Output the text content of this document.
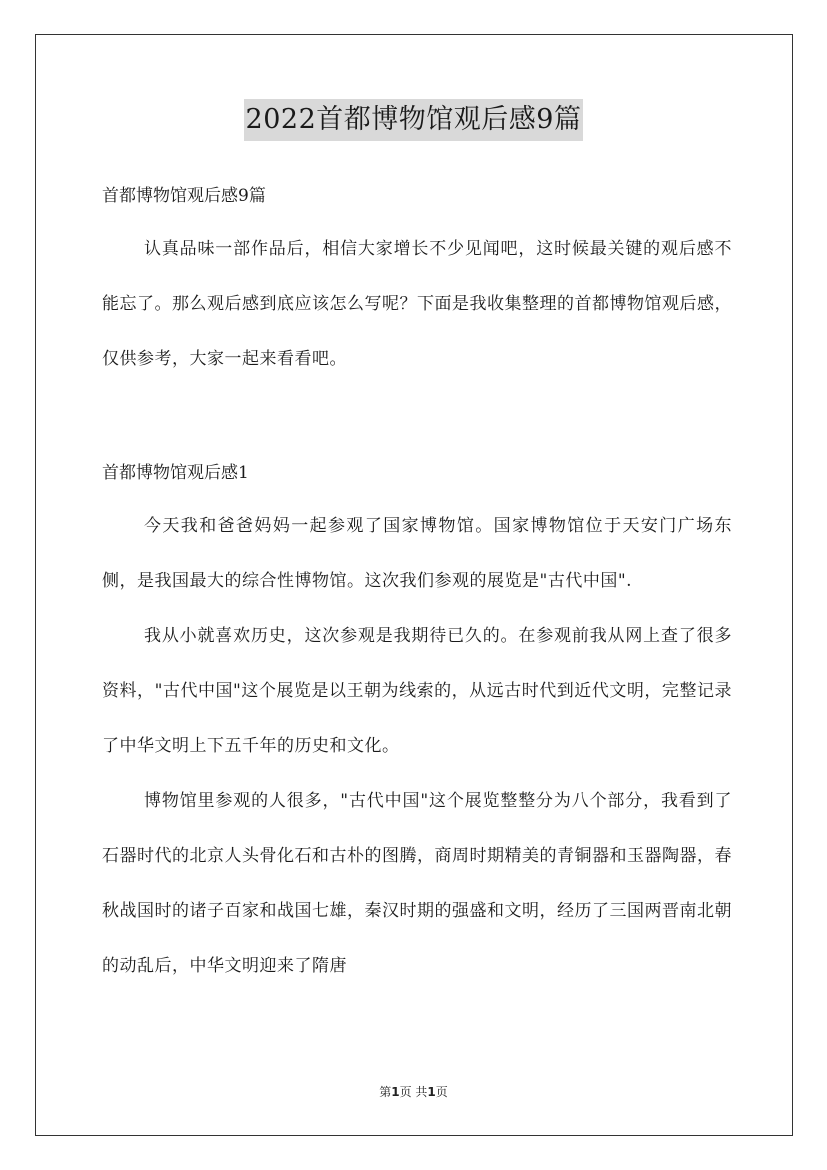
2022首都博物馆观后感9篇

首都博物馆观后感9篇

认真品味一部作品后，相信大家增长不少见闻吧，这时候最关键的观后感不能忘了。那么观后感到底应该怎么写呢？下面是我收集整理的首都博物馆观后感，仅供参考，大家一起来看看吧。

首都博物馆观后感1

今天我和爸爸妈妈一起参观了国家博物馆。国家博物馆位于天安门广场东侧，是我国最大的综合性博物馆。这次我们参观的展览是"古代中国".

我从小就喜欢历史，这次参观是我期待已久的。在参观前我从网上查了很多资料，"古代中国"这个展览是以王朝为线索的，从远古时代到近代文明，完整记录了中华文明上下五千年的历史和文化。

博物馆里参观的人很多，"古代中国"这个展览整整分为八个部分，我看到了石器时代的北京人头骨化石和古朴的图腾，商周时期精美的青铜器和玉器陶器，春秋战国时的诸子百家和战国七雄，秦汉时期的强盛和文明，经历了三国两晋南北朝的动乱后，中华文明迎来了隋唐

第1页 共1页
